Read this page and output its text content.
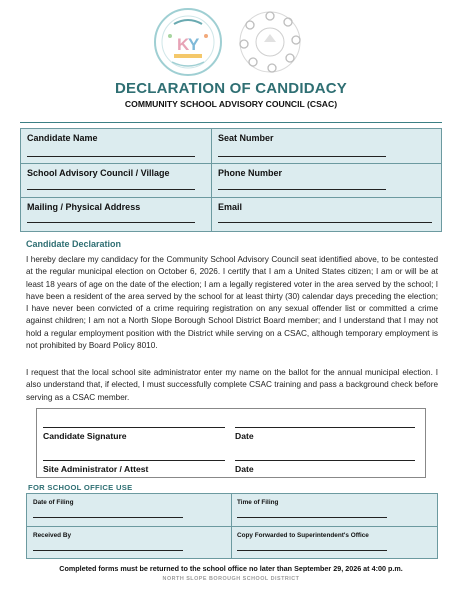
K
Y
DECLARATION OF CANDIDACY
COMMUNITY SCHOOL ADVISORY COUNCIL (CSAC)
Candidate Name	Seat Number
School Advisory Council / Village	Phone Number
Mailing / Physical Address	Email
Candidate Declaration
I hereby declare my candidacy for the Community School Advisory Council seat identified above, to be contested at the regular municipal election on October 6, 2026. I certify that I am a United States citizen; I am or will be at least 18 years of age on the date of the election; I am a legally registered voter in the area served by the school; I have been a resident of the area served by the school for at least thirty (30) calendar days preceding the election; I have never been convicted of a crime requiring registration on any sexual offender list or committed a crime against children; I am not a North Slope Borough School District Board member; and I understand that I may not hold a regular employment position with the District while serving on a CSAC, although temporary employment is not prohibited by Board Policy 8010.
I request that the local school site administrator enter my name on the ballot for the annual municipal election. I also understand that, if elected, I must successfully complete CSAC training and pass a background check before serving as a CSAC member.
Candidate Signature	Date
Site Administrator / Attest	Date
FOR SCHOOL OFFICE USE
Date of Filing	Time of Filing
Received By	Copy Forwarded to Superintendent's Office
Completed forms must be returned to the school office no later than September 29, 2026 at 4:00 p.m.
NORTH SLOPE BOROUGH SCHOOL DISTRICT
